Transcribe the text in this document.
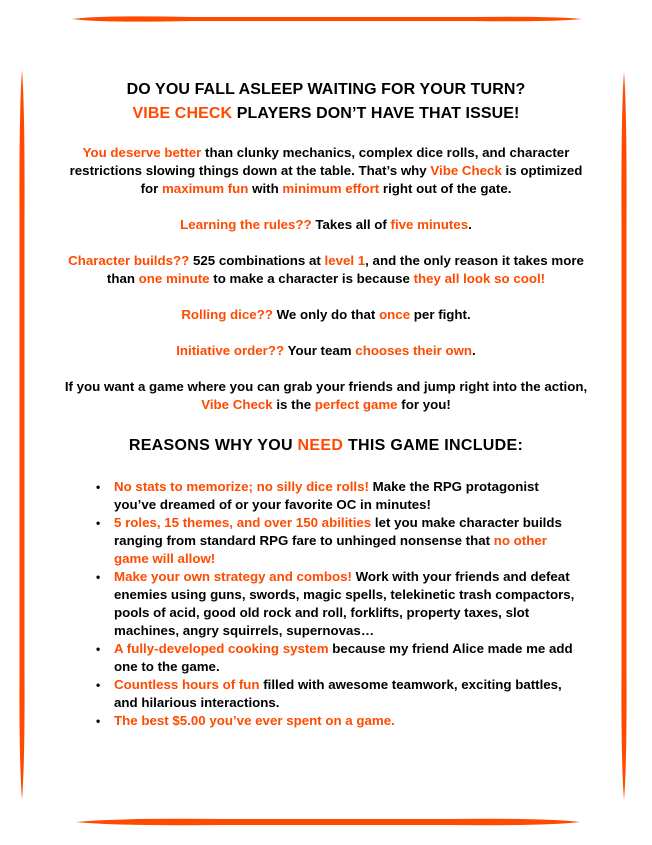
DO YOU FALL ASLEEP WAITING FOR YOUR TURN?
VIBE CHECK PLAYERS DON’T HAVE THAT ISSUE!

You deserve better than clunky mechanics, complex dice rolls, and character restrictions slowing things down at the table. That’s why Vibe Check is optimized for maximum fun with minimum effort right out of the gate.

Learning the rules?? Takes all of five minutes.

Character builds?? 525 combinations at level 1, and the only reason it takes more than one minute to make a character is because they all look so cool!

Rolling dice?? We only do that once per fight.

Initiative order?? Your team chooses their own.

If you want a game where you can grab your friends and jump right into the action, Vibe Check is the perfect game for you!

REASONS WHY YOU NEED THIS GAME INCLUDE:
• No stats to memorize; no silly dice rolls! Make the RPG protagonist you’ve dreamed of or your favorite OC in minutes!
• 5 roles, 15 themes, and over 150 abilities let you make character builds ranging from standard RPG fare to unhinged nonsense that no other game will allow!
• Make your own strategy and combos! Work with your friends and defeat enemies using guns, swords, magic spells, telekinetic trash compactors, pools of acid, good old rock and roll, forklifts, property taxes, slot machines, angry squirrels, supernovas…
• A fully-developed cooking system because my friend Alice made me add one to the game.
• Countless hours of fun filled with awesome teamwork, exciting battles, and hilarious interactions.
• The best $5.00 you’ve ever spent on a game.
